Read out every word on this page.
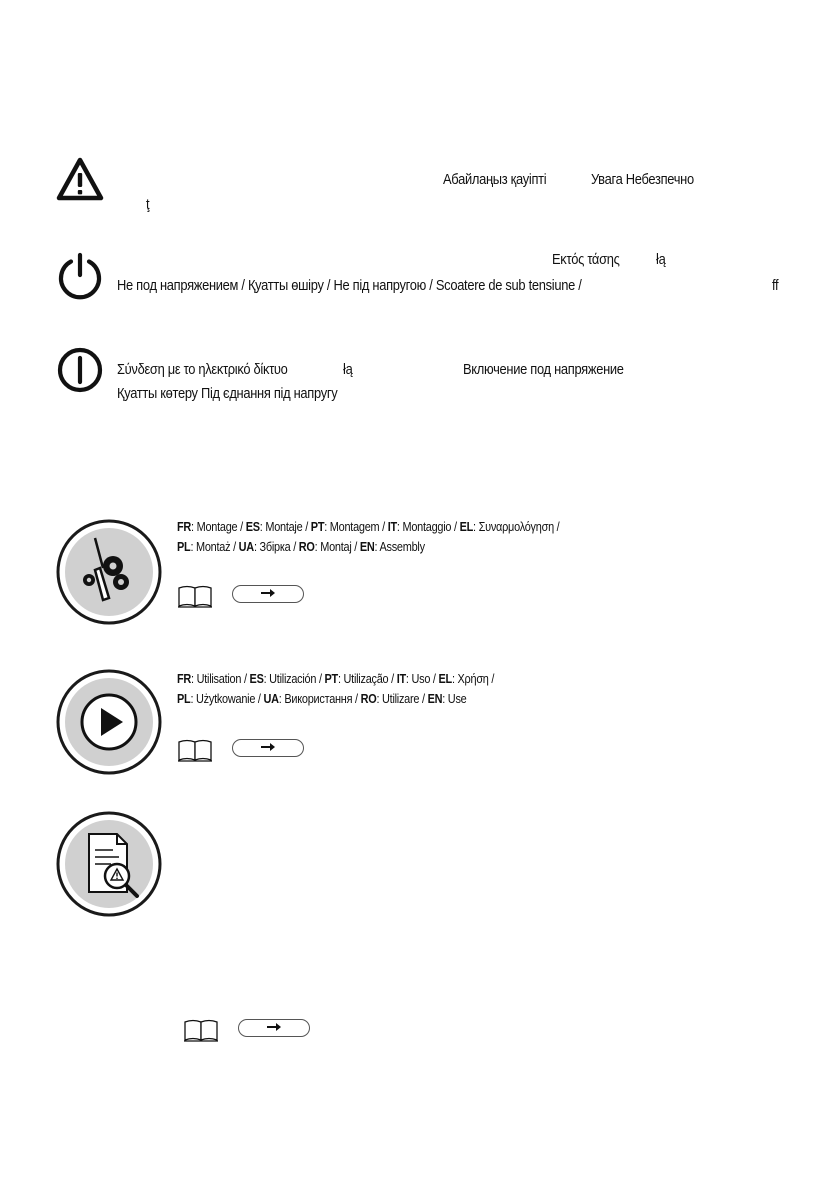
Абайлаңыз қауіпті	Увага Небезпечно
ţ
Εκτός τάσης łą
Не под напряжением / Қуатты өшіру / Не під напругою / Scoatere de sub tensiune /	ff
Σύνδεση με το ηλεκτρικό δίκτυο	łą	Включение под напряжение
Қуатты көтеру Під єднання під напругу
FR: Montage / ES: Montaje / PT: Montagem / IT: Montaggio / EL: Συναρμολόγηση /
PL: Montaż / UA: Збірка / RO: Montaj / EN: Assembly
FR: Utilisation / ES: Utilización / PT: Utilização / IT: Uso / EL: Χρήση /
PL: Użytkowanie / UA: Використання / RO: Utilizare / EN: Use
